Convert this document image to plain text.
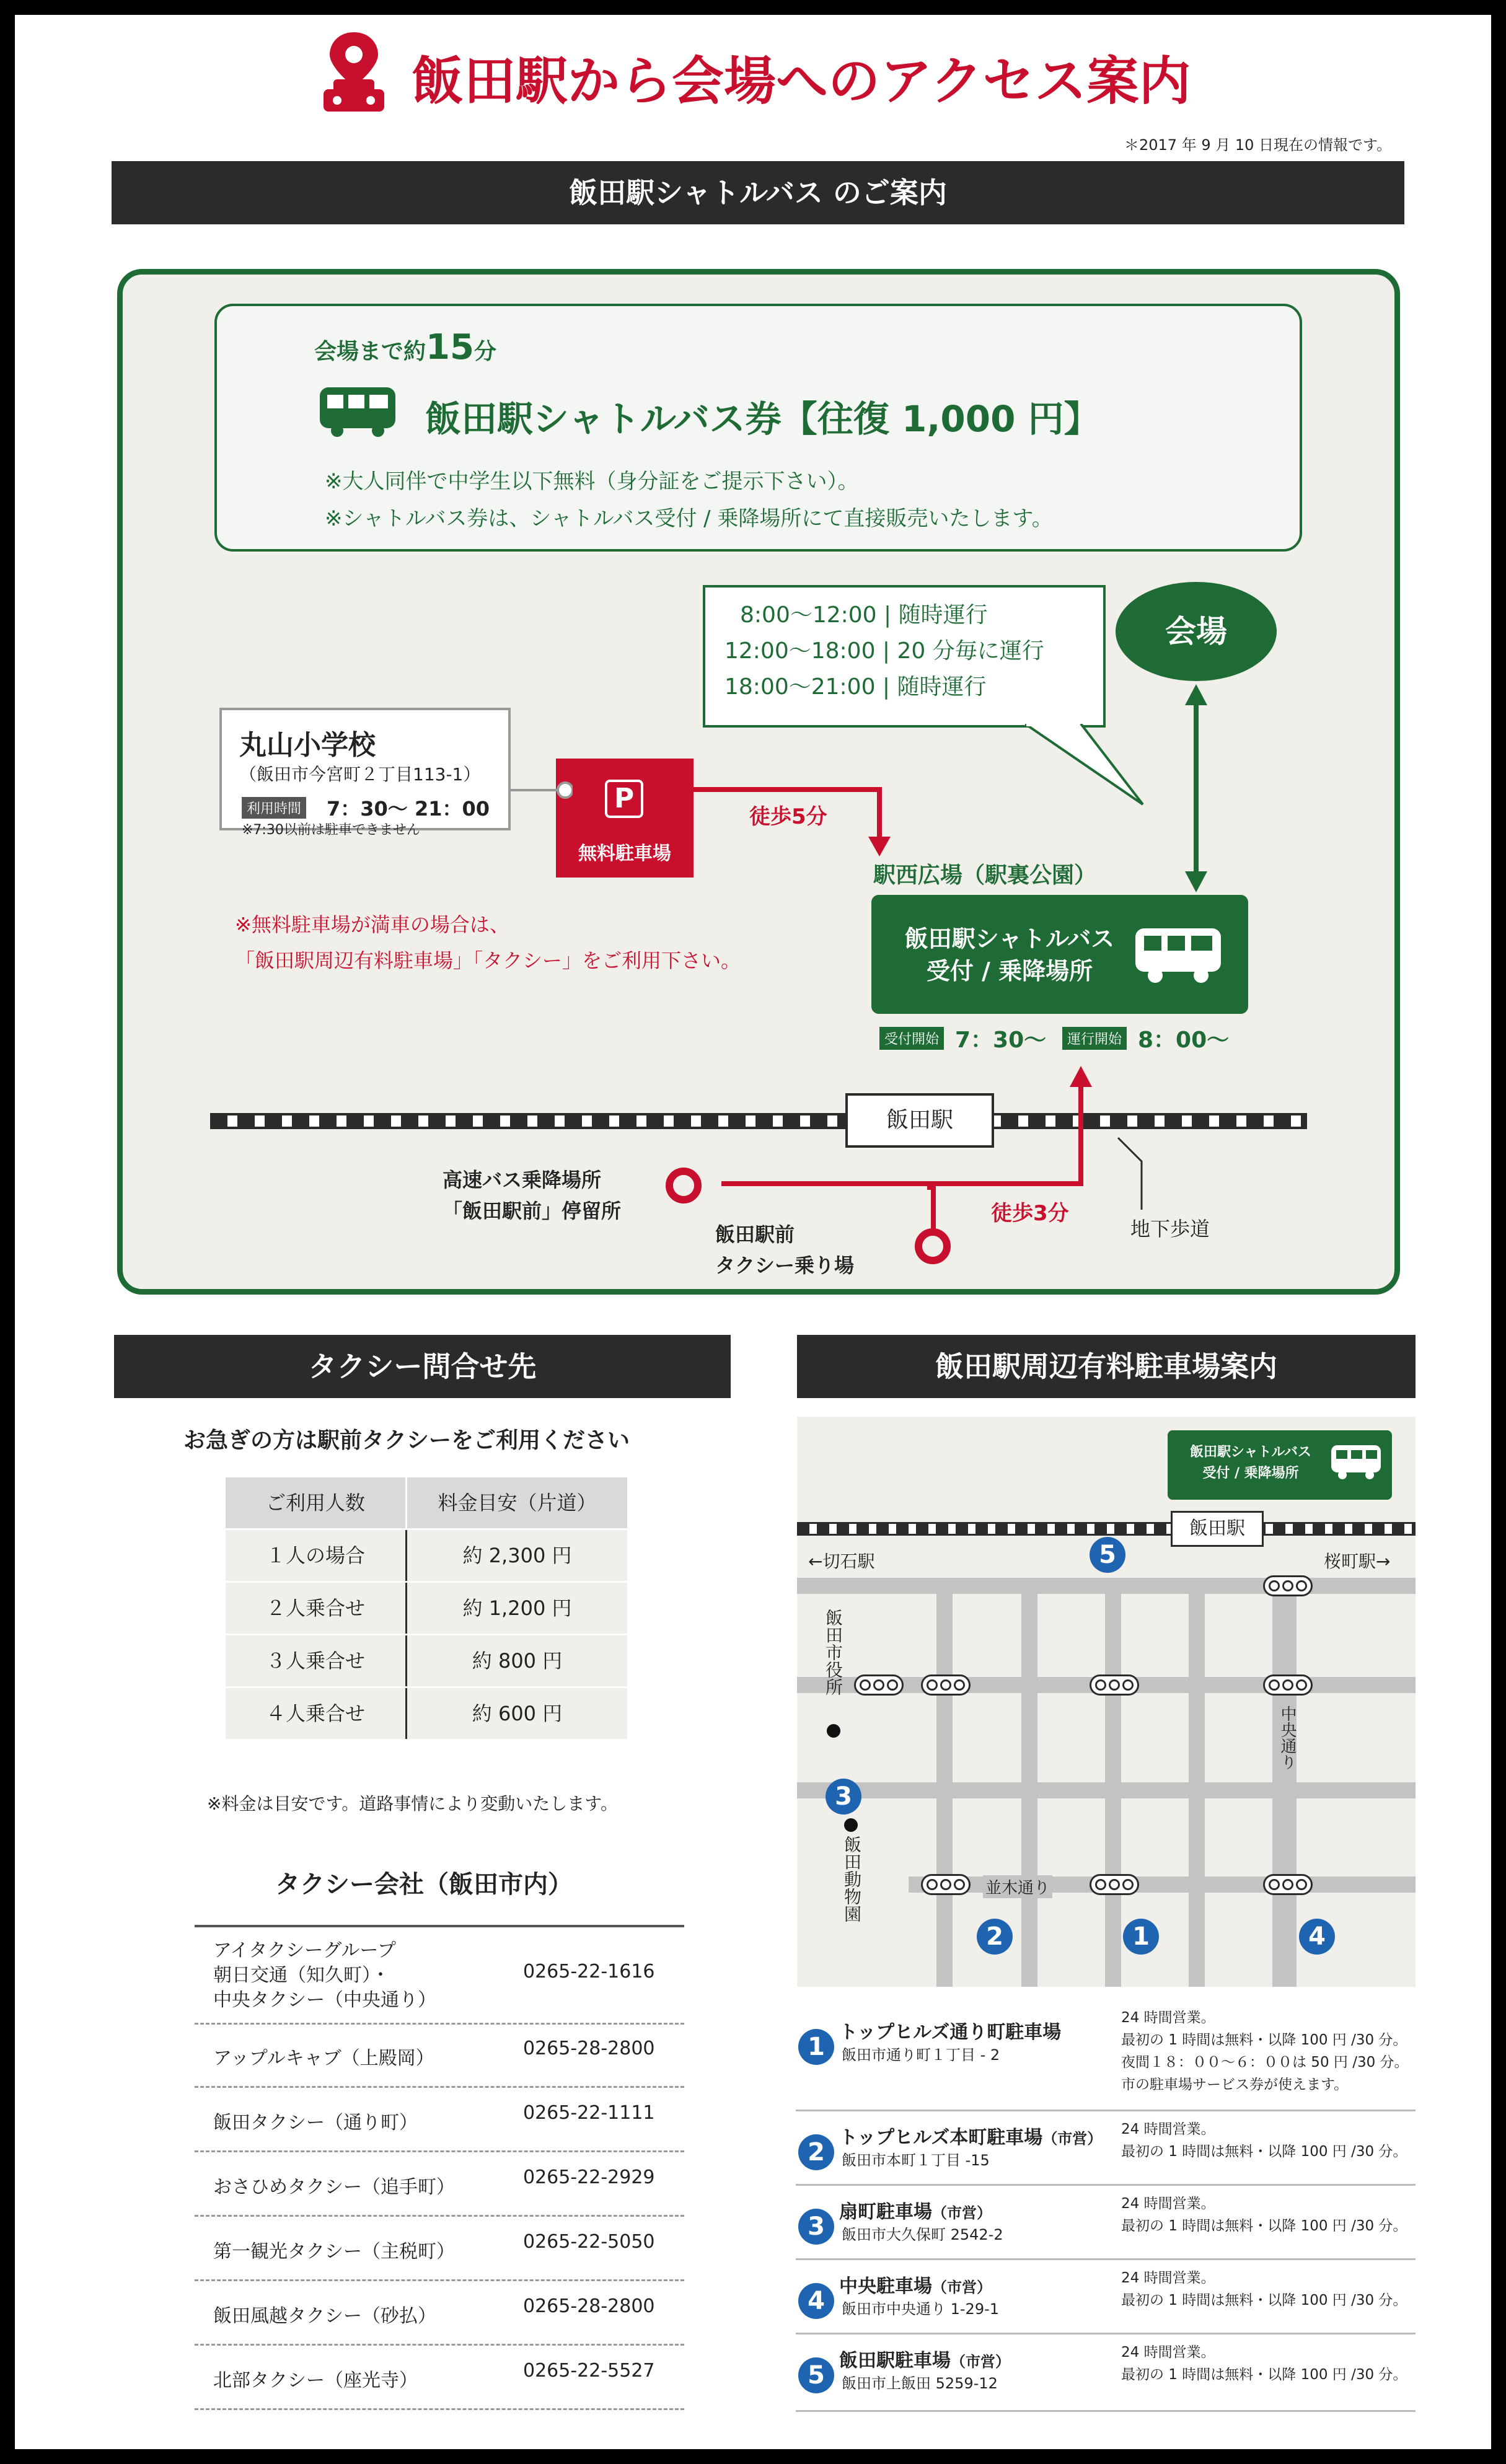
飯田駅から会場へのアクセス案内
＊2017 年 9 月 10 日現在の情報です。
飯田駅シャトルバス のご案内
会場まで約15分
飯田駅シャトルバス券【往復 1,000 円】
※大人同伴で中学生以下無料（身分証をご提示下さい）。
※シャトルバス券は、シャトルバス受付 / 乗降場所にて直接販売いたします。
8:00～12:00 | 随時運行
12:00～18:00 | 20 分毎に運行
18:00～21:00 | 随時運行
会場
丸山小学校
（飯田市今宮町２丁目113-1）
利用時間 7：30～ 21：00
※7:30以前は駐車できません
P
無料駐車場
徒歩5分
※無料駐車場が満車の場合は、
「飯田駅周辺有料駐車場」「タクシー」をご利用下さい。
駅西広場（駅裏公園）
飯田駅シャトルバス
受付 / 乗降場所
受付開始 7：30～	運行開始 8：00～
飯田駅
高速バス乗降場所
「飯田駅前」停留所
飯田駅前
タクシー乗り場
徒歩3分
地下歩道
タクシー問合せ先
お急ぎの方は駅前タクシーをご利用ください
ご利用人数	料金目安（片道）
１人の場合	約 2,300 円
２人乗合せ	約 1,200 円
３人乗合せ	約 800 円
４人乗合せ	約 600 円
※料金は目安です。道路事情により変動いたします。
タクシー会社（飯田市内）
アイタクシーグループ
朝日交通（知久町）・
中央タクシー（中央通り）
0265-22-1616
アップルキャブ（上殿岡）	0265-28-2800
飯田タクシー（通り町）	0265-22-1111
おさひめタクシー（追手町）	0265-22-2929
第一観光タクシー（主税町）	0265-22-5050
飯田風越タクシー（砂払）	0265-28-2800
北部タクシー（座光寺）	0265-22-5527
飯田駅周辺有料駐車場案内
飯田駅
←切石駅	桜町駅→
飯田駅シャトルバス
受付 / 乗降場所
飯田市役所
飯田動物園
中央通り
並木通り
5
3
2	1	4
1
トップヒルズ通り町駐車場
飯田市通り町１丁目 - 2
24 時間営業。
最初の 1 時間は無料・以降 100 円 /30 分。
夜間１８：００～６：００は 50 円 /30 分。
市の駐車場サービス券が使えます。
2
トップヒルズ本町駐車場（市営）
飯田市本町１丁目 -15
24 時間営業。
最初の 1 時間は無料・以降 100 円 /30 分。
3
扇町駐車場（市営）
飯田市大久保町 2542-2
24 時間営業。
最初の 1 時間は無料・以降 100 円 /30 分。
4
中央駐車場（市営）
飯田市中央通り 1-29-1
24 時間営業。
最初の 1 時間は無料・以降 100 円 /30 分。
5
飯田駅駐車場（市営）
飯田市上飯田 5259-12
24 時間営業。
最初の 1 時間は無料・以降 100 円 /30 分。
